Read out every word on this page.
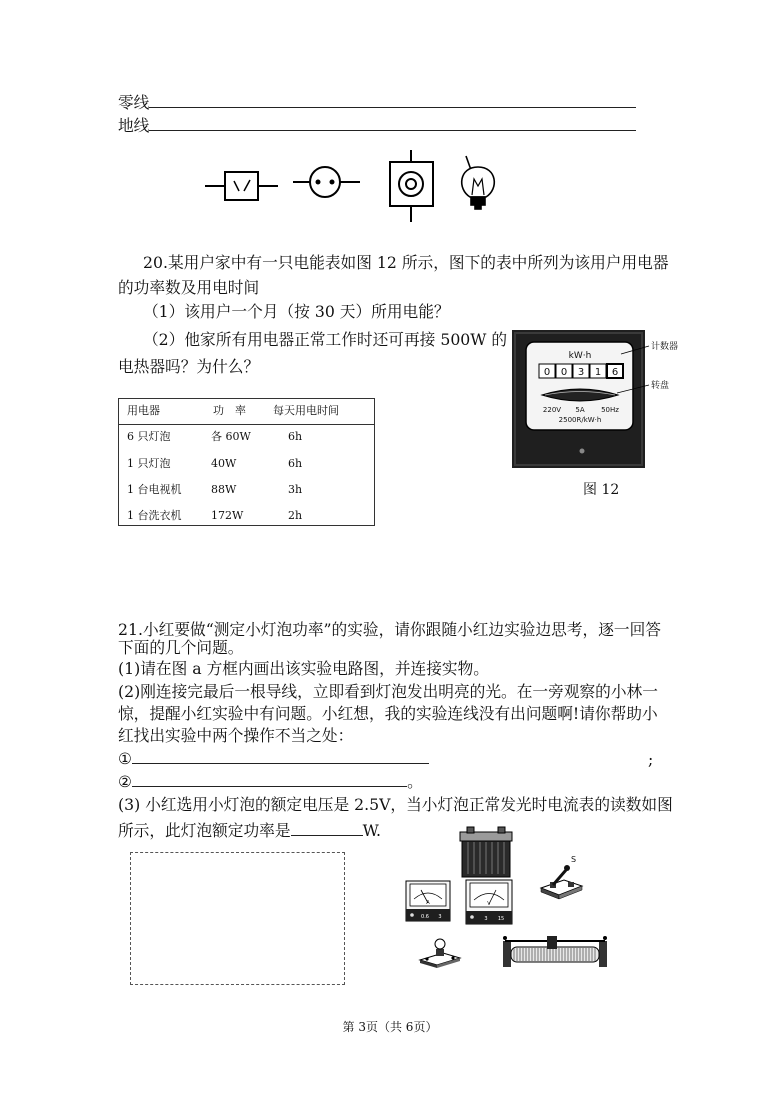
零线
地线
20.某用户家中有一只电能表如图 12 所示，图下的表中所列为该用户用电器
的功率数及用电时间
（1）该用户一个月（按 30 天）所用电能？
（2）他家所有用电器正常工作时还可再接 500W 的
电热器吗？为什么？
用电器	功　率 每天用电时间
6 只灯泡	各 60W	6h
1 只灯泡	40W	6h
1 台电视机	88W	3h
1 台洗衣机	172W	2h
kW·h
0 0 3 1 6
220V 5A 50Hz
2500R/kW·h
计数器
转盘
图 12
21.小红要做“测定小灯泡功率”的实验，请你跟随小红边实验边思考，逐一回答
下面的几个问题。
(1)请在图 a 方框内画出该实验电路图，并连接实物。
(2)刚连接完最后一根导线，立即看到灯泡发出明亮的光。在一旁观察的小林一
惊，提醒小红实验中有问题。小红想，我的实验连线没有出问题啊!请你帮助小
红找出实验中两个操作不当之处：
①	;
②	。
(3) 小红选用小灯泡的额定电压是 2.5V，当小灯泡正常发光时电流表的读数如图
所示，此灯泡额定功率是	W.
S
A
0.6 3
V
3 15
第 3页（共 6页）
